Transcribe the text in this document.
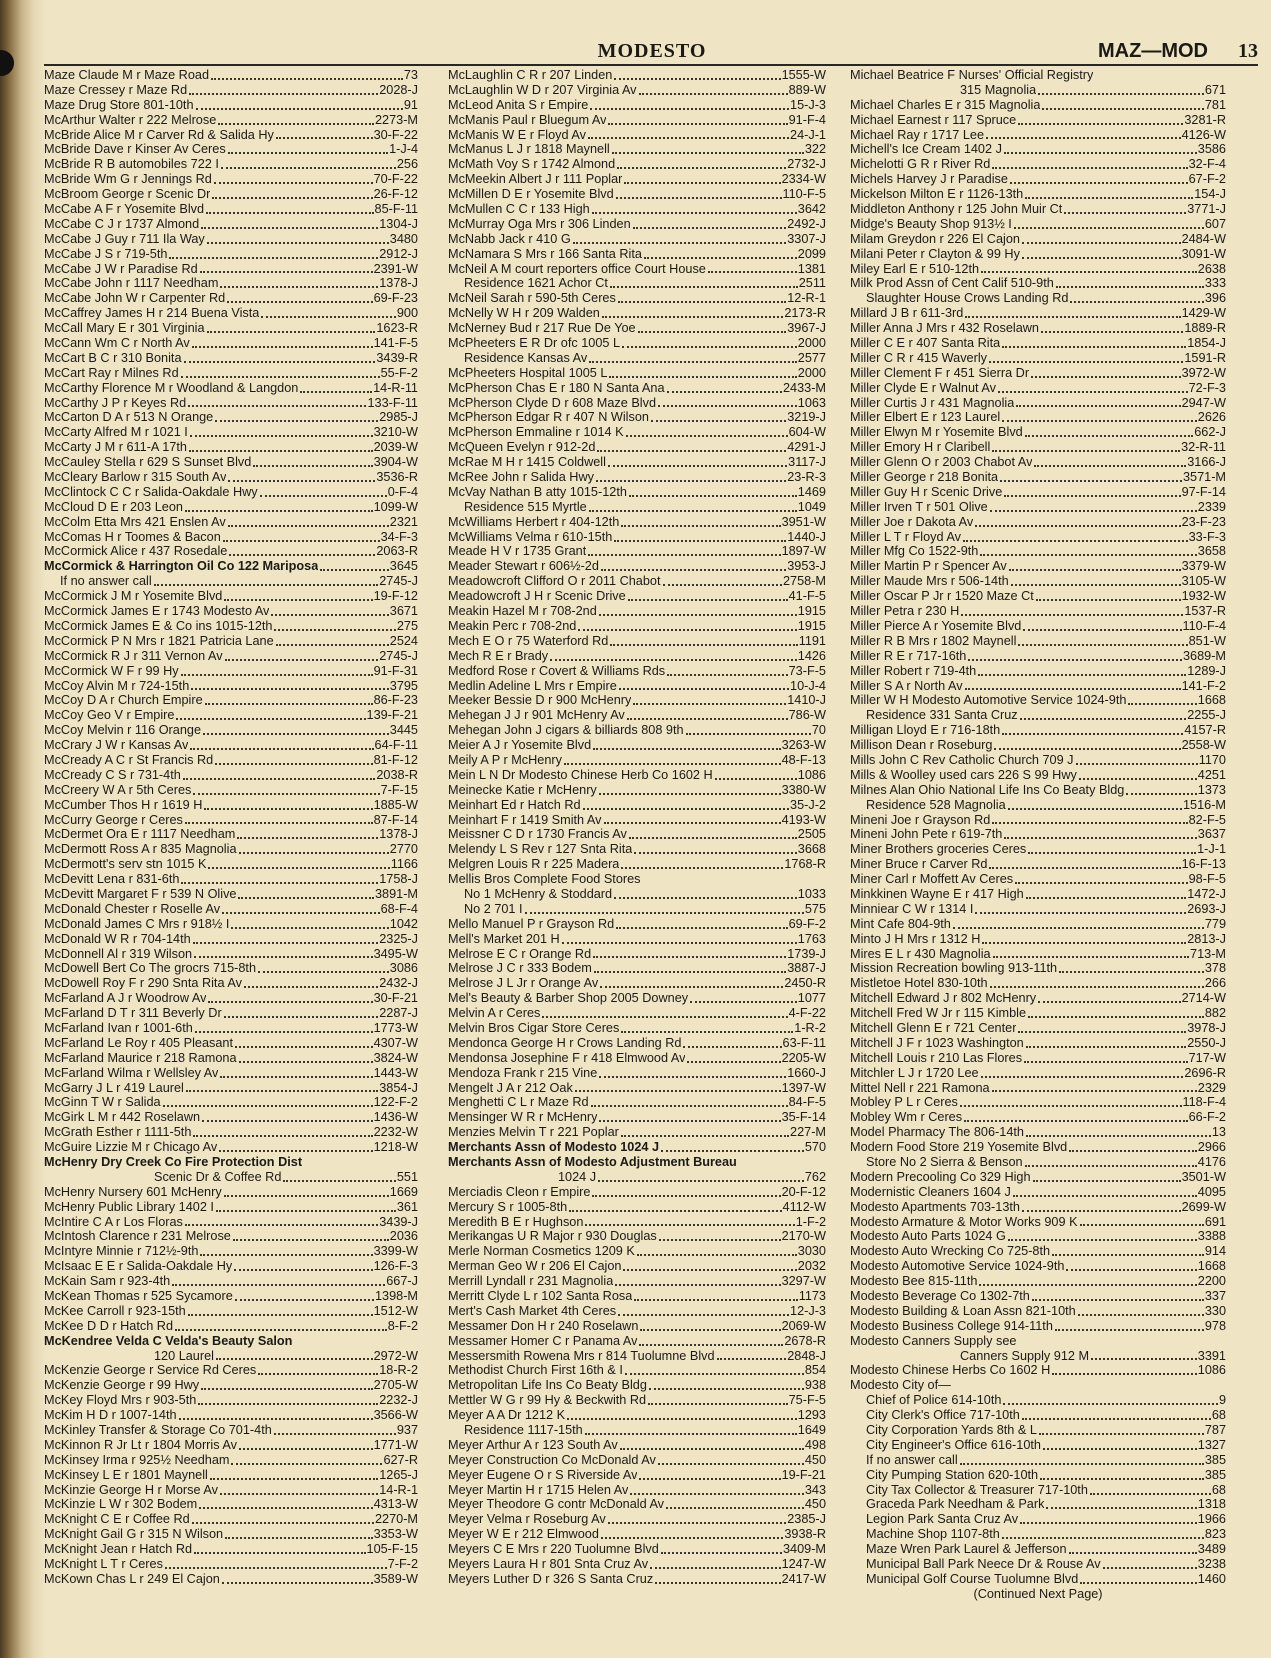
MODESTO	MAZ—MOD 13
Maze Claude M r Maze Road	73
Maze Cressey r Maze Rd	2028-J
Maze Drug Store 801-10th	91
McArthur Walter r 222 Melrose	2273-M
McBride Alice M r Carver Rd & Salida Hy	30-F-22
McBride Dave r Kinser Av Ceres	1-J-4
McBride R B automobiles 722 I	256
McBride Wm G r Jennings Rd	70-F-22
McBroom George r Scenic Dr	26-F-12
McCabe A F r Yosemite Blvd	85-F-11
McCabe C J r 1737 Almond	1304-J
McCabe J Guy r 711 Ila Way	3480
McCabe J S r 719-5th	2912-J
McCabe J W r Paradise Rd	2391-W
McCabe John r 1117 Needham	1378-J
McCabe John W r Carpenter Rd	69-F-23
McCaffrey James H r 214 Buena Vista	900
McCall Mary E r 301 Virginia	1623-R
McCann Wm C r North Av	141-F-5
McCart B C r 310 Bonita	3439-R
McCart Ray r Milnes Rd	55-F-2
McCarthy Florence M r Woodland & Langdon	14-R-11
McCarthy J P r Keyes Rd	133-F-11
McCarton D A r 513 N Orange	2985-J
McCarty Alfred M r 1021 I	3210-W
McCarty J M r 611-A 17th	2039-W
McCauley Stella r 629 S Sunset Blvd	3904-W
McCleary Barlow r 315 South Av	3536-R
McClintock C C r Salida-Oakdale Hwy	0-F-4
McCloud D E r 203 Leon	1099-W
McColm Etta Mrs 421 Enslen Av	2321
McComas H r Toomes & Bacon	34-F-3
McCormick Alice r 437 Rosedale	2063-R
McCormick & Harrington Oil Co 122 Mariposa	3645
If no answer call	2745-J
McCormick J M r Yosemite Blvd	19-F-12
McCormick James E r 1743 Modesto Av	3671
McCormick James E & Co ins 1015-12th	275
McCormick P N Mrs r 1821 Patricia Lane	2524
McCormick R J r 311 Vernon Av	2745-J
McCormick W F r 99 Hy	91-F-31
McCoy Alvin M r 724-15th	3795
McCoy D A r Church Empire	86-F-23
McCoy Geo V r Empire	139-F-21
McCoy Melvin r 116 Orange	3445
McCrary J W r Kansas Av	64-F-11
McCready A C r St Francis Rd	81-F-12
McCready C S r 731-4th	2038-R
McCreery W A r 5th Ceres	7-F-15
McCumber Thos H r 1619 H	1885-W
McCurry George r Ceres	87-F-14
McDermet Ora E r 1117 Needham	1378-J
McDermott Ross A r 835 Magnolia	2770
McDermott's serv stn 1015 K	1166
McDevitt Lena r 831-6th	1758-J
McDevitt Margaret F r 539 N Olive	3891-M
McDonald Chester r Roselle Av	68-F-4
McDonald James C Mrs r 918½ I	1042
McDonald W R r 704-14th	2325-J
McDonnell Al r 319 Wilson	3495-W
McDowell Bert Co The grocrs 715-8th	3086
McDowell Roy F r 290 Snta Rita Av	2432-J
McFarland A J r Woodrow Av	30-F-21
McFarland D T r 311 Beverly Dr	2287-J
McFarland Ivan r 1001-6th	1773-W
McFarland Le Roy r 405 Pleasant	4307-W
McFarland Maurice r 218 Ramona	3824-W
McFarland Wilma r Wellsley Av	1443-W
McGarry J L r 419 Laurel	3854-J
McGinn T W r Salida	122-F-2
McGirk L M r 442 Roselawn	1436-W
McGrath Esther r 1111-5th	2232-W
McGuire Lizzie M r Chicago Av	1218-W
McHenry Dry Creek Co Fire Protection Dist
Scenic Dr & Coffee Rd	551
McHenry Nursery 601 McHenry	1669
McHenry Public Library 1402 I	361
McIntire C A r Los Floras	3439-J
McIntosh Clarence r 231 Melrose	2036
McIntyre Minnie r 712½-9th	3399-W
McIsaac E E r Salida-Oakdale Hy	126-F-3
McKain Sam r 923-4th	667-J
McKean Thomas r 525 Sycamore	1398-M
McKee Carroll r 923-15th	1512-W
McKee D D r Hatch Rd	8-F-2
McKendree Velda C Velda's Beauty Salon
120 Laurel	2972-W
McKenzie George r Service Rd Ceres	18-R-2
McKenzie George r 99 Hwy	2705-W
McKey Floyd Mrs r 903-5th	2232-J
McKim H D r 1007-14th	3566-W
McKinley Transfer & Storage Co 701-4th	937
McKinnon R Jr Lt r 1804 Morris Av	1771-W
McKinsey Irma r 925½ Needham	627-R
McKinsey L E r 1801 Maynell	1265-J
McKinzie George H r Morse Av	14-R-1
McKinzie L W r 302 Bodem	4313-W
McKnight C E r Coffee Rd	2270-M
McKnight Gail G r 315 N Wilson	3353-W
McKnight Jean r Hatch Rd	105-F-15
McKnight L T r Ceres	7-F-2
McKown Chas L r 249 El Cajon	3589-W
McLaughlin C R r 207 Linden	1555-W
McLaughlin W D r 207 Virginia Av	889-W
McLeod Anita S r Empire	15-J-3
McManis Paul r Bluegum Av	91-F-4
McManis W E r Floyd Av	24-J-1
McManus L J r 1818 Maynell	322
McMath Voy S r 1742 Almond	2732-J
McMeekin Albert J r 111 Poplar	2334-W
McMillen D E r Yosemite Blvd	110-F-5
McMullen C C r 133 High	3642
McMurray Oga Mrs r 306 Linden	2492-J
McNabb Jack r 410 G	3307-J
McNamara S Mrs r 166 Santa Rita	2099
McNeil A M court reporters office Court House	1381
Residence 1621 Achor Ct	2511
McNeil Sarah r 590-5th Ceres	12-R-1
McNelly W H r 209 Walden	2173-R
McNerney Bud r 217 Rue De Yoe	3967-J
McPheeters E R Dr ofc 1005 L	2000
Residence Kansas Av	2577
McPheeters Hospital 1005 L	2000
McPherson Chas E r 180 N Santa Ana	2433-M
McPherson Clyde D r 608 Maze Blvd	1063
McPherson Edgar R r 407 N Wilson	3219-J
McPherson Emmaline r 1014 K	604-W
McQueen Evelyn r 912-2d	4291-J
McRae M H r 1415 Coldwell	3117-J
McRee John r Salida Hwy	23-R-3
McVay Nathan B atty 1015-12th	1469
Residence 515 Myrtle	1049
McWilliams Herbert r 404-12th	3951-W
McWilliams Velma r 610-15th	1440-J
Meade H V r 1735 Grant	1897-W
Meader Stewart r 606½-2d	3953-J
Meadowcroft Clifford O r 2011 Chabot	2758-M
Meadowcroft J H r Scenic Drive	41-F-5
Meakin Hazel M r 708-2nd	1915
Meakin Perc r 708-2nd	1915
Mech E O r 75 Waterford Rd	1191
Mech R E r Brady	1426
Medford Rose r Covert & Williams Rds	73-F-5
Medlin Adeline L Mrs r Empire	10-J-4
Meeker Bessie D r 900 McHenry	1410-J
Mehegan J J r 901 McHenry Av	786-W
Mehegan John J cigars & billiards 808 9th	70
Meier A J r Yosemite Blvd	3263-W
Meily A P r McHenry	48-F-13
Mein L N Dr Modesto Chinese Herb Co 1602 H	1086
Meinecke Katie r McHenry	3380-W
Meinhart Ed r Hatch Rd	35-J-2
Meinhart F r 1419 Smith Av	4193-W
Meissner C D r 1730 Francis Av	2505
Melendy L S Rev r 127 Snta Rita	3668
Melgren Louis R r 225 Madera	1768-R
Mellis Bros Complete Food Stores
No 1 McHenry & Stoddard	1033
No 2 701 I	575
Mello Manuel P r Grayson Rd	69-F-2
Mell's Market 201 H	1763
Melrose E C r Orange Rd	1739-J
Melrose J C r 333 Bodem	3887-J
Melrose J L Jr r Orange Av	2450-R
Mel's Beauty & Barber Shop 2005 Downey	1077
Melvin A r Ceres	4-F-22
Melvin Bros Cigar Store Ceres	1-R-2
Mendonca George H r Crows Landing Rd	63-F-11
Mendonsa Josephine F r 418 Elmwood Av	2205-W
Mendoza Frank r 215 Vine	1660-J
Mengelt J A r 212 Oak	1397-W
Menghetti C L r Maze Rd	84-F-5
Mensinger W R r McHenry	35-F-14
Menzies Melvin T r 221 Poplar	227-M
Merchants Assn of Modesto 1024 J	570
Merchants Assn of Modesto Adjustment Bureau
1024 J	762
Merciadis Cleon r Empire	20-F-12
Mercury S r 1005-8th	4112-W
Meredith B E r Hughson	1-F-2
Merikangas U R Major r 930 Douglas	2170-W
Merle Norman Cosmetics 1209 K	3030
Merman Geo W r 206 El Cajon	2032
Merrill Lyndall r 231 Magnolia	3297-W
Merritt Clyde L r 102 Santa Rosa	1173
Mert's Cash Market 4th Ceres	12-J-3
Messamer Don H r 240 Roselawn	2069-W
Messamer Homer C r Panama Av	2678-R
Messersmith Rowena Mrs r 814 Tuolumne Blvd	2848-J
Methodist Church First 16th & I	854
Metropolitan Life Ins Co Beaty Bldg	938
Mettler W G r 99 Hy & Beckwith Rd	75-F-5
Meyer A A Dr 1212 K	1293
Residence 1117-15th	1649
Meyer Arthur A r 123 South Av	498
Meyer Construction Co McDonald Av	450
Meyer Eugene O r S Riverside Av	19-F-21
Meyer Martin H r 1715 Helen Av	343
Meyer Theodore G contr McDonald Av	450
Meyer Velma r Roseburg Av	2385-J
Meyer W E r 212 Elmwood	3938-R
Meyers C E Mrs r 220 Tuolumne Blvd	3409-M
Meyers Laura H r 801 Snta Cruz Av	1247-W
Meyers Luther D r 326 S Santa Cruz	2417-W
Michael Beatrice F Nurses' Official Registry
315 Magnolia	671
Michael Charles E r 315 Magnolia	781
Michael Earnest r 117 Spruce	3281-R
Michael Ray r 1717 Lee	4126-W
Michell's Ice Cream 1402 J	3586
Michelotti G R r River Rd	32-F-4
Michels Harvey J r Paradise	67-F-2
Mickelson Milton E r 1126-13th	154-J
Middleton Anthony r 125 John Muir Ct	3771-J
Midge's Beauty Shop 913½ I	607
Milam Greydon r 226 El Cajon	2484-W
Milani Peter r Clayton & 99 Hy	3091-W
Miley Earl E r 510-12th	2638
Milk Prod Assn of Cent Calif 510-9th	333
Slaughter House Crows Landing Rd	396
Millard J B r 611-3rd	1429-W
Miller Anna J Mrs r 432 Roselawn	1889-R
Miller C E r 407 Santa Rita	1854-J
Miller C R r 415 Waverly	1591-R
Miller Clement F r 451 Sierra Dr	3972-W
Miller Clyde E r Walnut Av	72-F-3
Miller Curtis J r 431 Magnolia	2947-W
Miller Elbert E r 123 Laurel	2626
Miller Elwyn M r Yosemite Blvd	662-J
Miller Emory H r Claribell	32-R-11
Miller Glenn O r 2003 Chabot Av	3166-J
Miller George r 218 Bonita	3571-M
Miller Guy H r Scenic Drive	97-F-14
Miller Irven T r 501 Olive	2339
Miller Joe r Dakota Av	23-F-23
Miller L T r Floyd Av	33-F-3
Miller Mfg Co 1522-9th	3658
Miller Martin P r Spencer Av	3379-W
Miller Maude Mrs r 506-14th	3105-W
Miller Oscar P Jr r 1520 Maze Ct	1932-W
Miller Petra r 230 H	1537-R
Miller Pierce A r Yosemite Blvd	110-F-4
Miller R B Mrs r 1802 Maynell	851-W
Miller R E r 717-16th	3689-M
Miller Robert r 719-4th	1289-J
Miller S A r North Av	141-F-2
Miller W H Modesto Automotive Service 1024-9th	1668
Residence 331 Santa Cruz	2255-J
Milligan Lloyd E r 716-18th	4157-R
Millison Dean r Roseburg	2558-W
Mills John C Rev Catholic Church 709 J	1170
Mills & Woolley used cars 226 S 99 Hwy	4251
Milnes Alan Ohio National Life Ins Co Beaty Bldg	1373
Residence 528 Magnolia	1516-M
Mineni Joe r Grayson Rd	82-F-5
Mineni John Pete r 619-7th	3637
Miner Brothers groceries Ceres	1-J-1
Miner Bruce r Carver Rd	16-F-13
Miner Carl r Moffett Av Ceres	98-F-5
Minkkinen Wayne E r 417 High	1472-J
Minniear C W r 1314 I	2693-J
Mint Cafe 804-9th	779
Minto J H Mrs r 1312 H	2813-J
Mires E L r 430 Magnolia	713-M
Mission Recreation bowling 913-11th	378
Mistletoe Hotel 830-10th	266
Mitchell Edward J r 802 McHenry	2714-W
Mitchell Fred W Jr r 115 Kimble	882
Mitchell Glenn E r 721 Center	3978-J
Mitchell J F r 1023 Washington	2550-J
Mitchell Louis r 210 Las Flores	717-W
Mitchler L J r 1720 Lee	2696-R
Mittel Nell r 221 Ramona	2329
Mobley P L r Ceres	118-F-4
Mobley Wm r Ceres	66-F-2
Model Pharmacy The 806-14th	13
Modern Food Store 219 Yosemite Blvd	2966
Store No 2 Sierra & Benson	4176
Modern Precooling Co 329 High	3501-W
Modernistic Cleaners 1604 J	4095
Modesto Apartments 703-13th	2699-W
Modesto Armature & Motor Works 909 K	691
Modesto Auto Parts 1024 G	3388
Modesto Auto Wrecking Co 725-8th	914
Modesto Automotive Service 1024-9th	1668
Modesto Bee 815-11th	2200
Modesto Beverage Co 1302-7th	337
Modesto Building & Loan Assn 821-10th	330
Modesto Business College 914-11th	978
Modesto Canners Supply see
Canners Supply 912 M	3391
Modesto Chinese Herbs Co 1602 H	1086
Modesto City of—
Chief of Police 614-10th	9
City Clerk's Office 717-10th	68
City Corporation Yards 8th & L	787
City Engineer's Office 616-10th	1327
If no answer call	385
City Pumping Station 620-10th	385
City Tax Collector & Treasurer 717-10th	68
Graceda Park Needham & Park	1318
Legion Park Santa Cruz Av	1966
Machine Shop 1107-8th	823
Maze Wren Park Laurel & Jefferson	3489
Municipal Ball Park Neece Dr & Rouse Av	3238
Municipal Golf Course Tuolumne Blvd	1460
(Continued Next Page)
